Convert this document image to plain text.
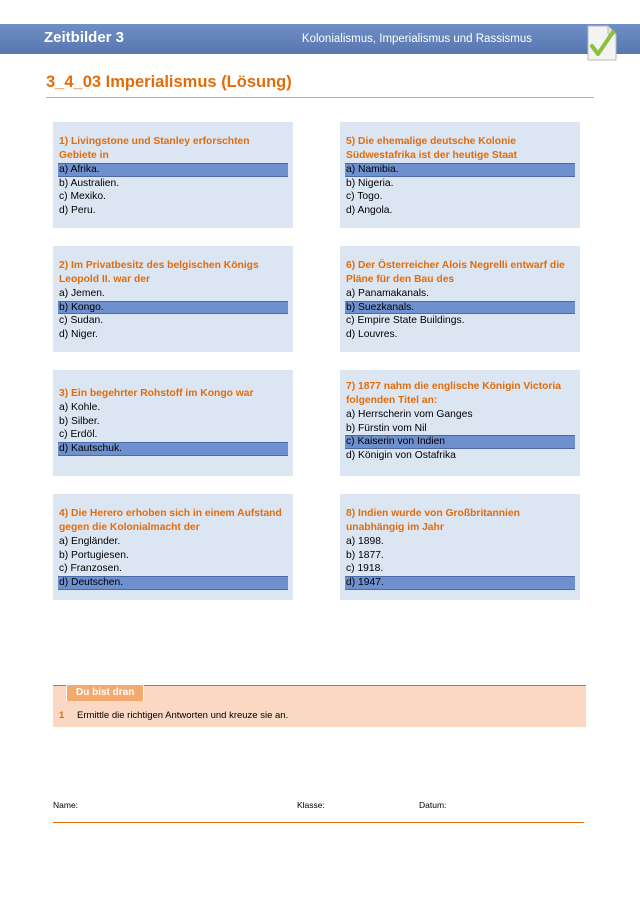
Zeitbilder 3	Kolonialismus, Imperialismus und Rassismus
3_4_03 Imperialismus (Lösung)

1) Livingstone und Stanley erforschten Gebiete in

a) Afrika.
b) Australien.
c) Mexiko.
d) Peru.

2) Im Privatbesitz des belgischen Königs Leopold II. war der

a) Jemen.
b) Kongo.
c) Sudan.
d) Niger.

3) Ein begehrter Rohstoff im Kongo war

a) Kohle.
b) Silber.
c) Erdöl.
d) Kautschuk.

4) Die Herero erhoben sich in einem Aufstand gegen die Kolonialmacht der

a) Engländer.
b) Portugiesen.
c) Franzosen.
d) Deutschen.

5) Die ehemalige deutsche Kolonie Südwestafrika ist der heutige Staat

a) Namibia.
b) Nigeria.
c) Togo.
d) Angola.

6) Der Österreicher Alois Negrelli entwarf die Pläne für den Bau des

a) Panamakanals.
b) Suezkanals.
c) Empire State Buildings.
d) Louvres.

7) 1877 nahm die englische Königin Victoria folgenden Titel an:

a) Herrscherin vom Ganges
b) Fürstin vom Nil
c) Kaiserin von Indien
d) Königin von Ostafrika

8) Indien wurde von Großbritannien unabhängig im Jahr

a) 1898.
b) 1877.
c) 1918.
d) 1947.
Du bist dran
1 Ermittle die richtigen Antworten und kreuze sie an.
Name:	Klasse:	Datum:
